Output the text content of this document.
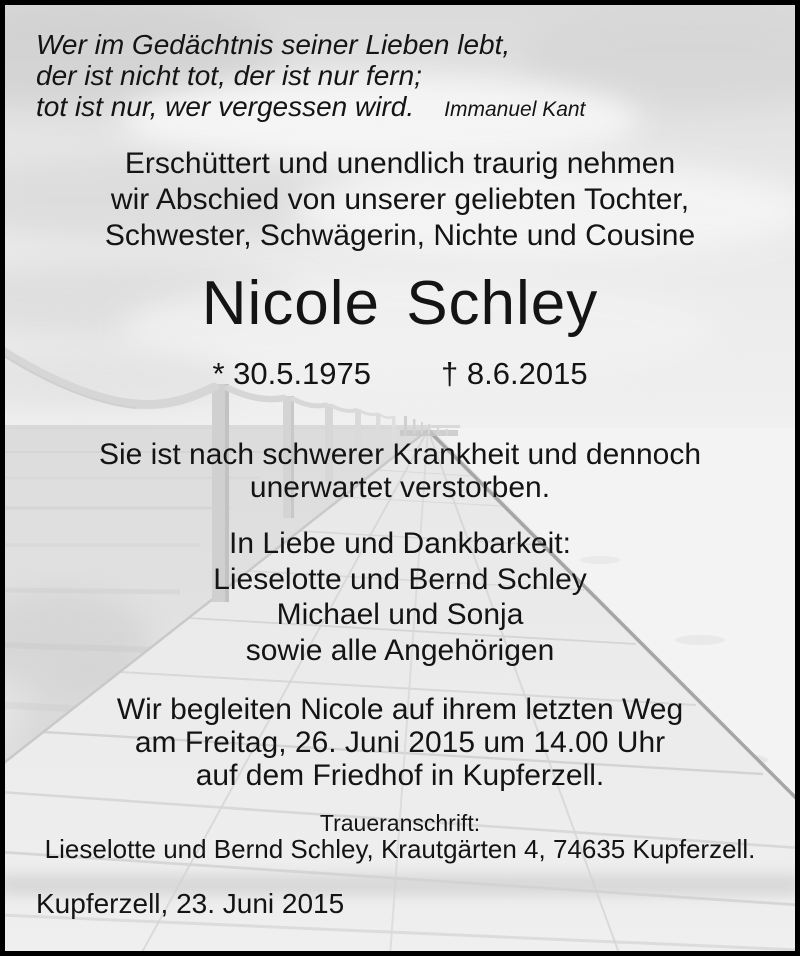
Wer im Gedächtnis seiner Lieben lebt,
der ist nicht tot, der ist nur fern;
tot ist nur, wer vergessen wird. Immanuel Kant
Erschüttert und unendlich traurig nehmen
wir Abschied von unserer geliebten Tochter,
Schwester, Schwägerin, Nichte und Cousine
Nicole Schley
* 30.5.1975 † 8.6.2015
Sie ist nach schwerer Krankheit und dennoch
unerwartet verstorben.
In Liebe und Dankbarkeit:
Lieselotte und Bernd Schley
Michael und Sonja
sowie alle Angehörigen
Wir begleiten Nicole auf ihrem letzten Weg
am Freitag, 26. Juni 2015 um 14.00 Uhr
auf dem Friedhof in Kupferzell.
Traueranschrift:
Lieselotte und Bernd Schley, Krautgärten 4, 74635 Kupferzell.
Kupferzell, 23. Juni 2015
